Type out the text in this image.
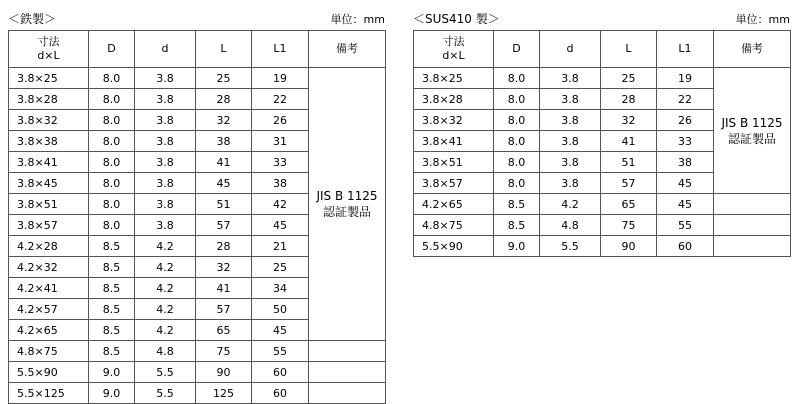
＜鉄製＞	単位：mm
寸法
d×L	D	d	L	L1	備考
3.8×25	8.0	3.8	25	19	JIS B 1125
認証製品
3.8×28	8.0	3.8	28	22	
3.8×32	8.0	3.8	32	26	
3.8×38	8.0	3.8	38	31	
3.8×41	8.0	3.8	41	33	
3.8×45	8.0	3.8	45	38	
3.8×51	8.0	3.8	51	42	
3.8×57	8.0	3.8	57	45	
4.2×28	8.5	4.2	28	21	
4.2×32	8.5	4.2	32	25	
4.2×41	8.5	4.2	41	34	
4.2×57	8.5	4.2	57	50	
4.2×65	8.5	4.2	65	45	
4.8×75	8.5	4.8	75	55	
5.5×90	9.0	5.5	90	60	
5.5×125	9.0	5.5	125	60	
＜SUS410 製＞	単位：mm
寸法
d×L	D	d	L	L1	備考
3.8×25	8.0	3.8	25	19	JIS B 1125
認証製品
3.8×28	8.0	3.8	28	22	
3.8×32	8.0	3.8	32	26	
3.8×41	8.0	3.8	41	33	
3.8×51	8.0	3.8	51	38	
3.8×57	8.0	3.8	57	45	
4.2×65	8.5	4.2	65	45	
4.8×75	8.5	4.8	75	55	
5.5×90	9.0	5.5	90	60	
